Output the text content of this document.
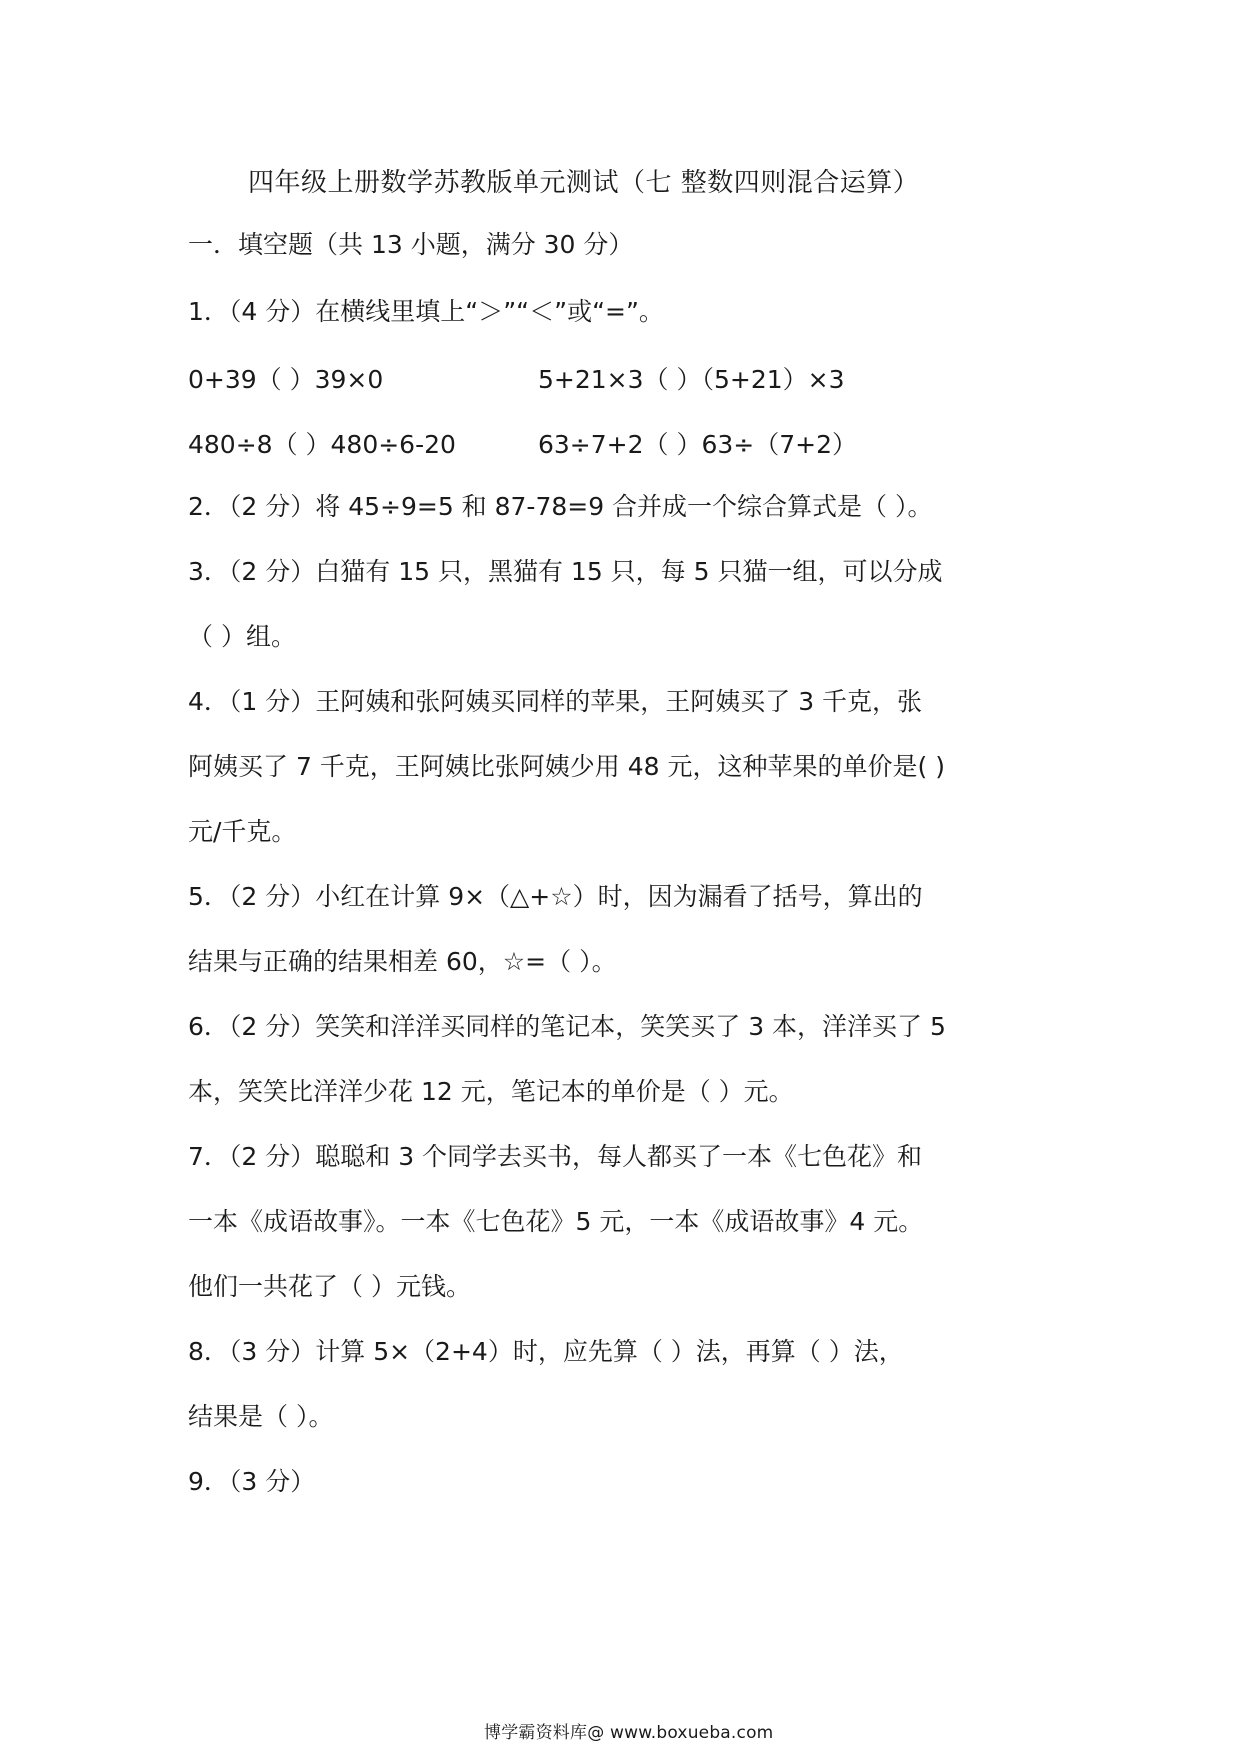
四年级上册数学苏教版单元测试（七 整数四则混合运算）
一．填空题（共 13 小题，满分 30 分）
1．（4 分）在横线里填上“＞”“＜”或“=”。
0+39（ ）39×0	5+21×3（ ）（5+21）×3
480÷8（ ）480÷6-20	63÷7+2（ ）63÷（7+2）
2．（2 分）将 45÷9=5 和 87-78=9 合并成一个综合算式是（ ）。
3．（2 分）白猫有 15 只，黑猫有 15 只，每 5 只猫一组，可以分成
（ ）组。
4．（1 分）王阿姨和张阿姨买同样的苹果，王阿姨买了 3 千克，张
阿姨买了 7 千克，王阿姨比张阿姨少用 48 元，这种苹果的单价是( )
元/千克。
5．（2 分）小红在计算 9×（△+☆）时，因为漏看了括号，算出的
结果与正确的结果相差 60，☆=（ ）。
6．（2 分）笑笑和洋洋买同样的笔记本，笑笑买了 3 本，洋洋买了 5
本，笑笑比洋洋少花 12 元，笔记本的单价是（ ）元。
7．（2 分）聪聪和 3 个同学去买书，每人都买了一本《七色花》和
一本《成语故事》。一本《七色花》5 元，一本《成语故事》4 元。
他们一共花了（ ）元钱。
8．（3 分）计算 5×（2+4）时，应先算（ ）法，再算（ ）法，
结果是（ ）。
9．（3 分）
博学霸资料库@ www.boxueba.com
